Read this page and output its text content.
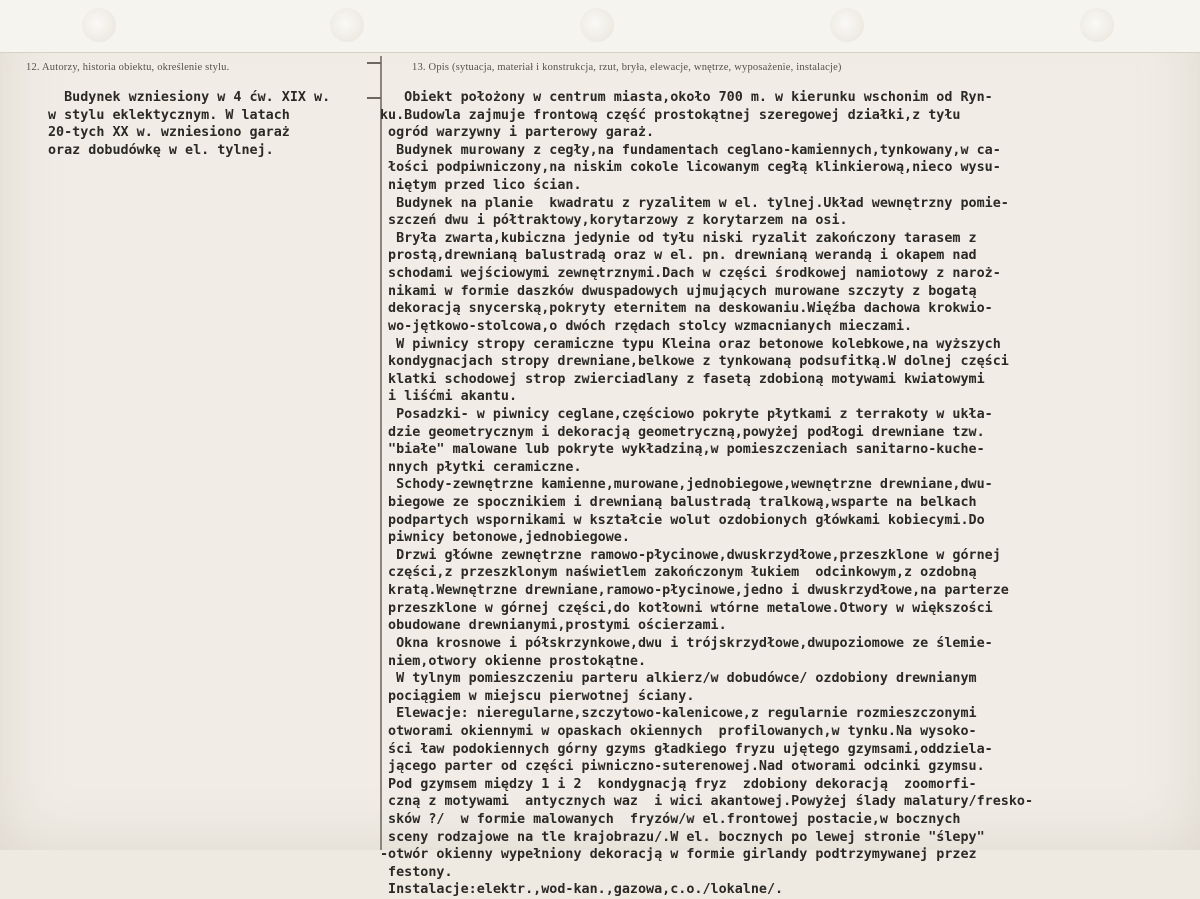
12. Autorzy, historia obiektu, określenie stylu.	13. Opis (sytuacja, materiał i konstrukcja, rzut, bryła, elewacje, wnętrze, wyposażenie, instalacje)
Budynek wzniesiony w 4 ćw. XIX w.
w stylu eklektycznym. W latach
20-tych XX w. wzniesiono garaż
oraz dobudówkę w el. tylnej.
Obiekt położony w centrum miasta,około 700 m. w kierunku wschonim od Ryn-
ku.Budowla zajmuje frontową część prostokątnej szeregowej działki,z tyłu
ogród warzywny i parterowy garaż.
Budynek murowany z cegły,na fundamentach ceglano-kamiennych,tynkowany,w ca-
łości podpiwniczony,na niskim cokole licowanym cegłą klinkierową,nieco wysu-
niętym przed lico ścian.
Budynek na planie  kwadratu z ryzalitem w el. tylnej.Układ wewnętrzny pomie-
szczeń dwu i półtraktowy,korytarzowy z korytarzem na osi.
Bryła zwarta,kubiczna jedynie od tyłu niski ryzalit zakończony tarasem z
prostą,drewnianą balustradą oraz w el. pn. drewnianą werandą i okapem nad
schodami wejściowymi zewnętrznymi.Dach w części środkowej namiotowy z naroż-
nikami w formie daszków dwuspadowych ujmujących murowane szczyty z bogatą
dekoracją snycerską,pokryty eternitem na deskowaniu.Więźba dachowa krokwio-
wo-jętkowo-stolcowa,o dwóch rzędach stolcy wzmacnianych mieczami.
W piwnicy stropy ceramiczne typu Kleina oraz betonowe kolebkowe,na wyższych
kondygnacjach stropy drewniane,belkowe z tynkowaną podsufitką.W dolnej części
klatki schodowej strop zwierciadlany z fasetą zdobioną motywami kwiatowymi
i liśćmi akantu.
Posadzki- w piwnicy ceglane,częściowo pokryte płytkami z terrakoty w ukła-
dzie geometrycznym i dekoracją geometryczną,powyżej podłogi drewniane tzw.
"białe" malowane lub pokryte wykładziną,w pomieszczeniach sanitarno-kuche-
nnych płytki ceramiczne.
Schody-zewnętrzne kamienne,murowane,jednobiegowe,wewnętrzne drewniane,dwu-
biegowe ze spocznikiem i drewnianą balustradą tralkową,wsparte na belkach
podpartych wspornikami w kształcie wolut ozdobionych główkami kobiecymi.Do
piwnicy betonowe,jednobiegowe.
Drzwi główne zewnętrzne ramowo-płycinowe,dwuskrzydłowe,przeszklone w górnej
części,z przeszklonym naświetlem zakończonym łukiem  odcinkowym,z ozdobną
kratą.Wewnętrzne drewniane,ramowo-płycinowe,jedno i dwuskrzydłowe,na parterze
przeszklone w górnej części,do kotłowni wtórne metalowe.Otwory w większości
obudowane drewnianymi,prostymi ościerzami.
Okna krosnowe i półskrzynkowe,dwu i trójskrzydłowe,dwupoziomowe ze ślemie-
niem,otwory okienne prostokątne.
W tylnym pomieszczeniu parteru alkierz/w dobudówce/ ozdobiony drewnianym
pociągiem w miejscu pierwotnej ściany.
Elewacje: nieregularne,szczytowo-kalenicowe,z regularnie rozmieszczonymi
otworami okiennymi w opaskach okiennych  profilowanych,w tynku.Na wysoko-
ści ław podokiennych górny gzyms gładkiego fryzu ujętego gzymsami,oddziela-
jącego parter od części piwniczno-suterenowej.Nad otworami odcinki gzymsu.
Pod gzymsem między 1 i 2  kondygnacją fryz  zdobiony dekoracją  zoomorfi-
czną z motywami  antycznych waz  i wici akantowej.Powyżej ślady malatury/fresko-
sków ?/  w formie malowanych  fryzów/w el.frontowej postacie,w bocznych
sceny rodzajowe na tle krajobrazu/.W el. bocznych po lewej stronie "ślepy"
-otwór okienny wypełniony dekoracją w formie girlandy podtrzymywanej przez
festony.
Instalacje:elektr.,wod-kan.,gazowa,c.o./lokalne/.
